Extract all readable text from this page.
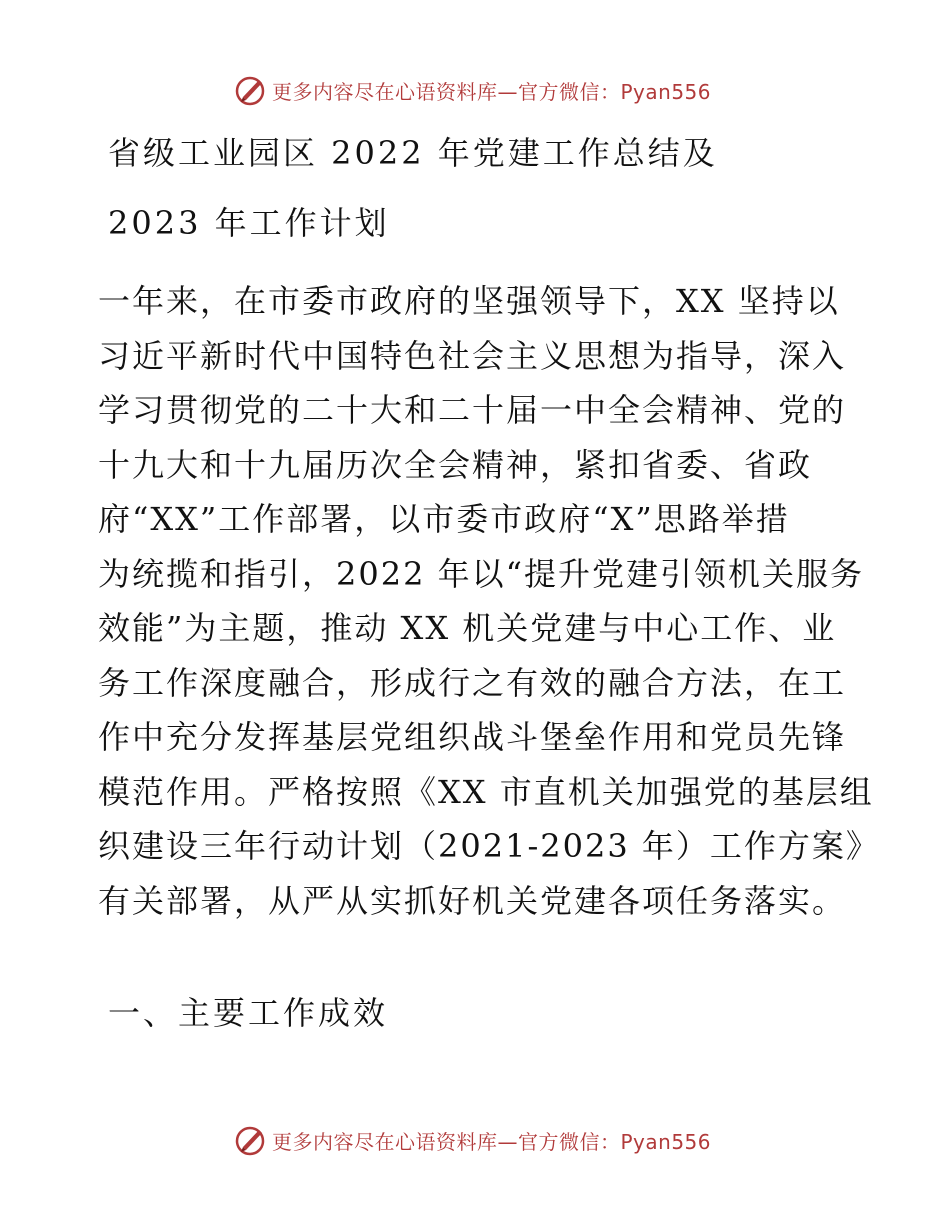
更多内容尽在心语资料库—官方微信：Pyan556
省级工业园区 2022 年党建工作总结及
2023 年工作计划

一年来，在市委市政府的坚强领导下，XX 坚持以
习近平新时代中国特色社会主义思想为指导，深入
学习贯彻党的二十大和二十届一中全会精神、党的
十九大和十九届历次全会精神，紧扣省委、省政
府“XX”工作部署，以市委市政府“X”思路举措
为统揽和指引，2022 年以“提升党建引领机关服务
效能”为主题，推动 XX 机关党建与中心工作、业
务工作深度融合，形成行之有效的融合方法，在工
作中充分发挥基层党组织战斗堡垒作用和党员先锋
模范作用。严格按照《XX 市直机关加强党的基层组
织建设三年行动计划（2021-2023 年）工作方案》
有关部署，从严从实抓好机关党建各项任务落实。

一、主要工作成效
更多内容尽在心语资料库—官方微信：Pyan556
